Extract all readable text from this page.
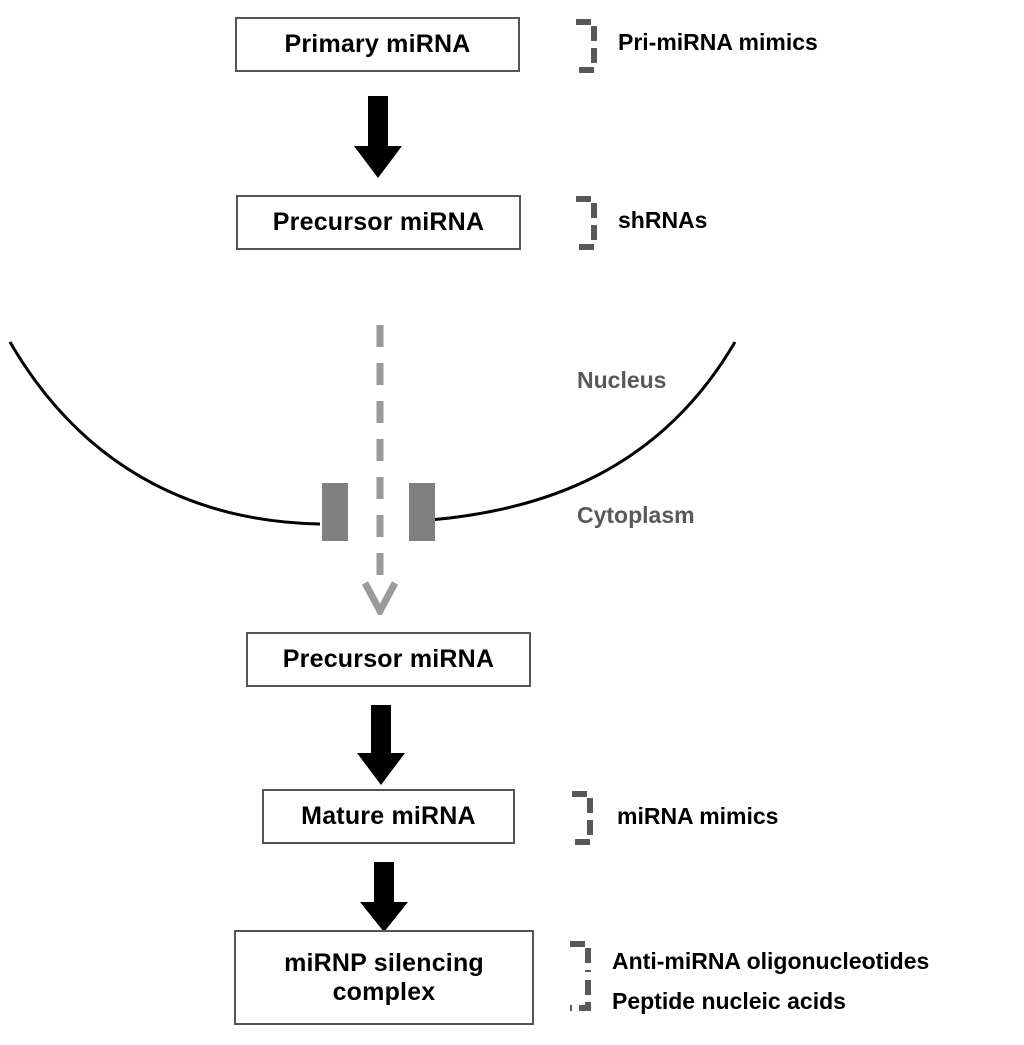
Primary miRNA	Pri-miRNA mimics
Precursor miRNA	shRNAs
Nucleus
Cytoplasm
Precursor miRNA
Mature miRNA	miRNA mimics
miRNP silencing complex
Anti-miRNA oligonucleotides
Peptide nucleic acids
